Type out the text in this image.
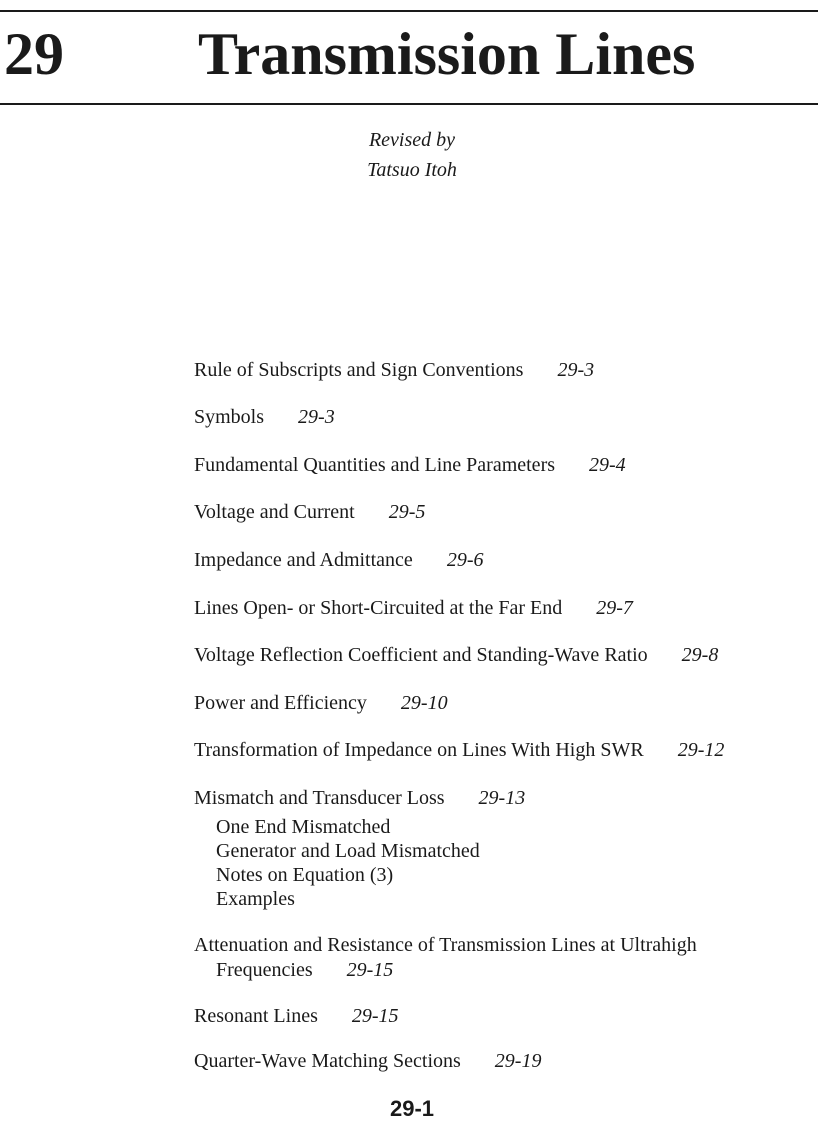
29 Transmission Lines
Revised by
Tatsuo Itoh
Rule of Subscripts and Sign Conventions 29-3
Symbols 29-3
Fundamental Quantities and Line Parameters 29-4
Voltage and Current 29-5
Impedance and Admittance 29-6
Lines Open- or Short-Circuited at the Far End 29-7
Voltage Reflection Coefficient and Standing-Wave Ratio 29-8
Power and Efficiency 29-10
Transformation of Impedance on Lines With High SWR 29-12
Mismatch and Transducer Loss 29-13
One End Mismatched
Generator and Load Mismatched
Notes on Equation (3)
Examples
Attenuation and Resistance of Transmission Lines at Ultrahigh
Frequencies 29-15
Resonant Lines 29-15
Quarter-Wave Matching Sections 29-19
29-1
